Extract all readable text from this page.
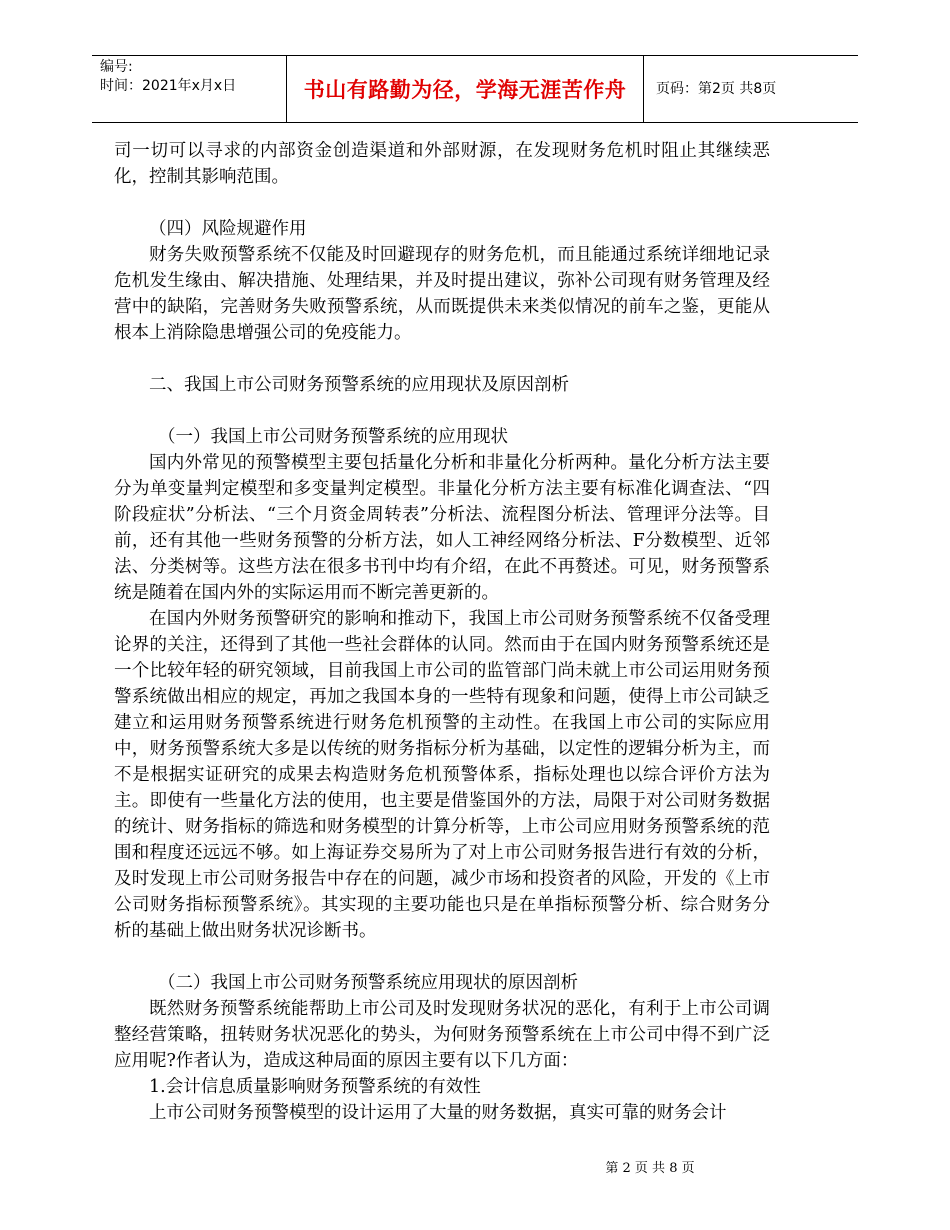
编号:
时间：2021年x月x日	书山有路勤为径，学海无涯苦作舟 页码：第2页 共8页

司一切可以寻求的内部资金创造渠道和外部财源，在发现财务危机时阻止其继续恶化，控制其影响范围。

（四）风险规避作用

财务失败预警系统不仅能及时回避现存的财务危机，而且能通过系统详细地记录危机发生缘由、解决措施、处理结果，并及时提出建议，弥补公司现有财务管理及经营中的缺陷，完善财务失败预警系统，从而既提供未来类似情况的前车之鉴，更能从根本上消除隐患增强公司的免疫能力。

二、我国上市公司财务预警系统的应用现状及原因剖析

（一）我国上市公司财务预警系统的应用现状

国内外常见的预警模型主要包括量化分析和非量化分析两种。量化分析方法主要分为单变量判定模型和多变量判定模型。非量化分析方法主要有标准化调查法、“四阶段症状”分析法、“三个月资金周转表”分析法、流程图分析法、管理评分法等。目前，还有其他一些财务预警的分析方法，如人工神经网络分析法、F分数模型、近邻法、分类树等。这些方法在很多书刊中均有介绍，在此不再赘述。可见，财务预警系统是随着在国内外的实际运用而不断完善更新的。

在国内外财务预警研究的影响和推动下，我国上市公司财务预警系统不仅备受理论界的关注，还得到了其他一些社会群体的认同。然而由于在国内财务预警系统还是一个比较年轻的研究领域，目前我国上市公司的监管部门尚未就上市公司运用财务预警系统做出相应的规定，再加之我国本身的一些特有现象和问题，使得上市公司缺乏建立和运用财务预警系统进行财务危机预警的主动性。在我国上市公司的实际应用中，财务预警系统大多是以传统的财务指标分析为基础，以定性的逻辑分析为主，而不是根据实证研究的成果去构造财务危机预警体系，指标处理也以综合评价方法为主。即使有一些量化方法的使用，也主要是借鉴国外的方法，局限于对公司财务数据的统计、财务指标的筛选和财务模型的计算分析等，上市公司应用财务预警系统的范围和程度还远远不够。如上海证券交易所为了对上市公司财务报告进行有效的分析，及时发现上市公司财务报告中存在的问题，减少市场和投资者的风险，开发的《上市公司财务指标预警系统》。其实现的主要功能也只是在单指标预警分析、综合财务分析的基础上做出财务状况诊断书。

（二）我国上市公司财务预警系统应用现状的原因剖析

既然财务预警系统能帮助上市公司及时发现财务状况的恶化，有利于上市公司调整经营策略，扭转财务状况恶化的势头，为何财务预警系统在上市公司中得不到广泛应用呢?作者认为，造成这种局面的原因主要有以下几方面：

1.会计信息质量影响财务预警系统的有效性

上市公司财务预警模型的设计运用了大量的财务数据，真实可靠的财务会计

第 2 页 共 8 页
